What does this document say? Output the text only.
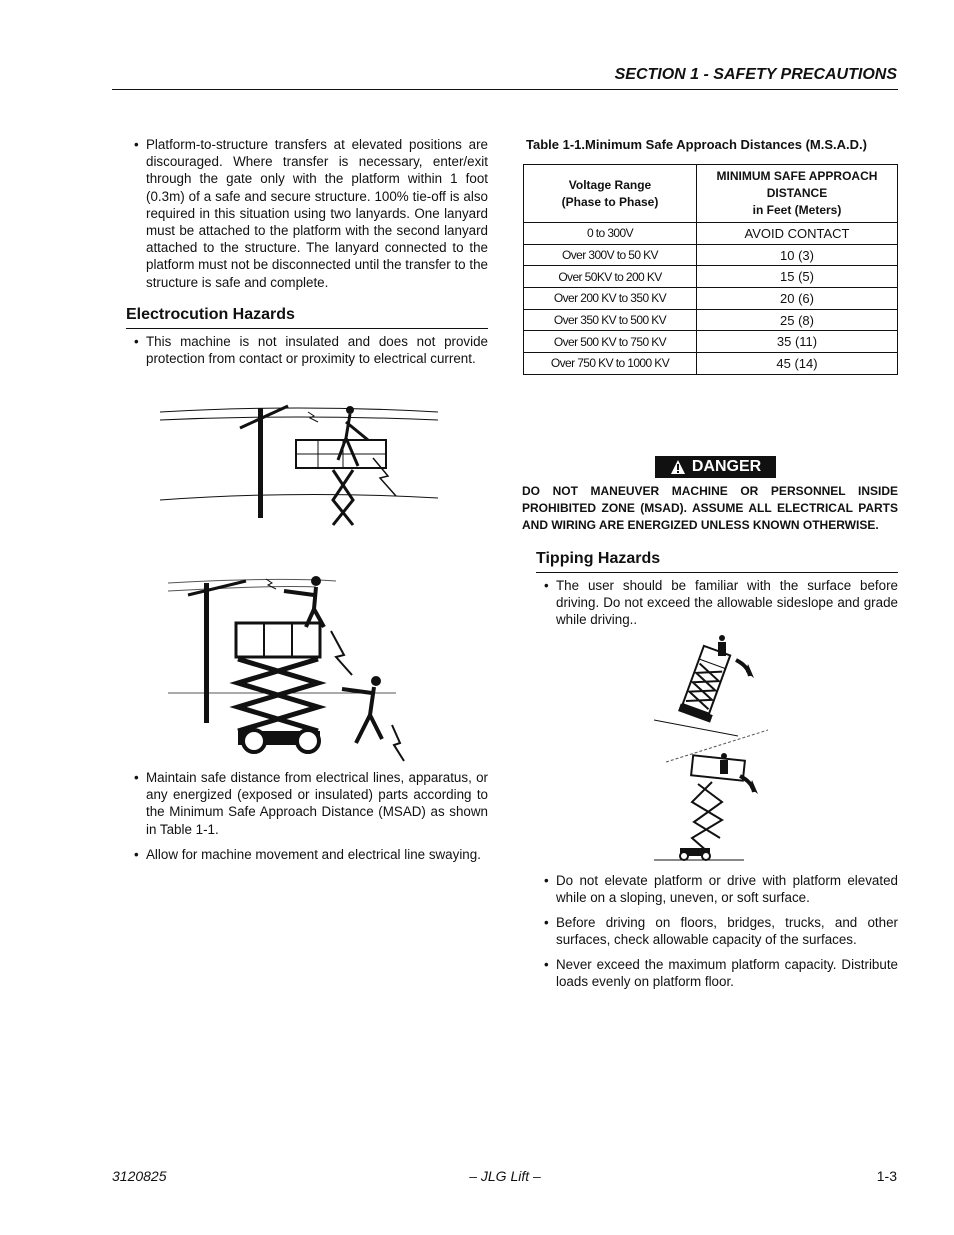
SECTION 1 - SAFETY PRECAUTIONS
• Platform-to-structure transfers at elevated positions are discouraged. Where transfer is necessary, enter/exit through the gate only with the platform within 1 foot (0.3m) of a safe and secure structure. 100% tie-off is also required in this situation using two lanyards. One lanyard must be attached to the platform with the second lanyard attached to the structure. The lanyard connected to the platform must not be disconnected until the transfer to the structure is safe and complete.
Electrocution Hazards
• This machine is not insulated and does not provide protection from contact or proximity to electrical current.
• Maintain safe distance from electrical lines, apparatus, or any energized (exposed or insulated) parts according to the Minimum Safe Approach Distance (MSAD) as shown in Table 1-1.
• Allow for machine movement and electrical line swaying.
Table 1-1.Minimum Safe Approach Distances (M.S.A.D.)
Voltage Range
(Phase to Phase)	MINIMUM SAFE APPROACH DISTANCE
in Feet (Meters)
0 to 300V	AVOID CONTACT
Over 300V to 50 KV	10 (3)
Over 50KV to 200 KV	15 (5)
Over 200 KV to 350 KV	20 (6)
Over 350 KV to 500 KV	25 (8)
Over 500 KV to 750 KV	35 (11)
Over 750 KV to 1000 KV	45 (14)
DANGER
DO NOT MANEUVER MACHINE OR PERSONNEL INSIDE PROHIBITED ZONE (MSAD). ASSUME ALL ELECTRICAL PARTS AND WIRING ARE ENERGIZED UNLESS KNOWN OTHERWISE.
Tipping Hazards
• The user should be familiar with the surface before driving. Do not exceed the allowable sideslope and grade while driving..
• Do not elevate platform or drive with platform elevated while on a sloping, uneven, or soft surface.
• Before driving on floors, bridges, trucks, and other surfaces, check allowable capacity of the surfaces.
• Never exceed the maximum platform capacity. Distribute loads evenly on platform floor.
3120825	– JLG Lift –	1-3
